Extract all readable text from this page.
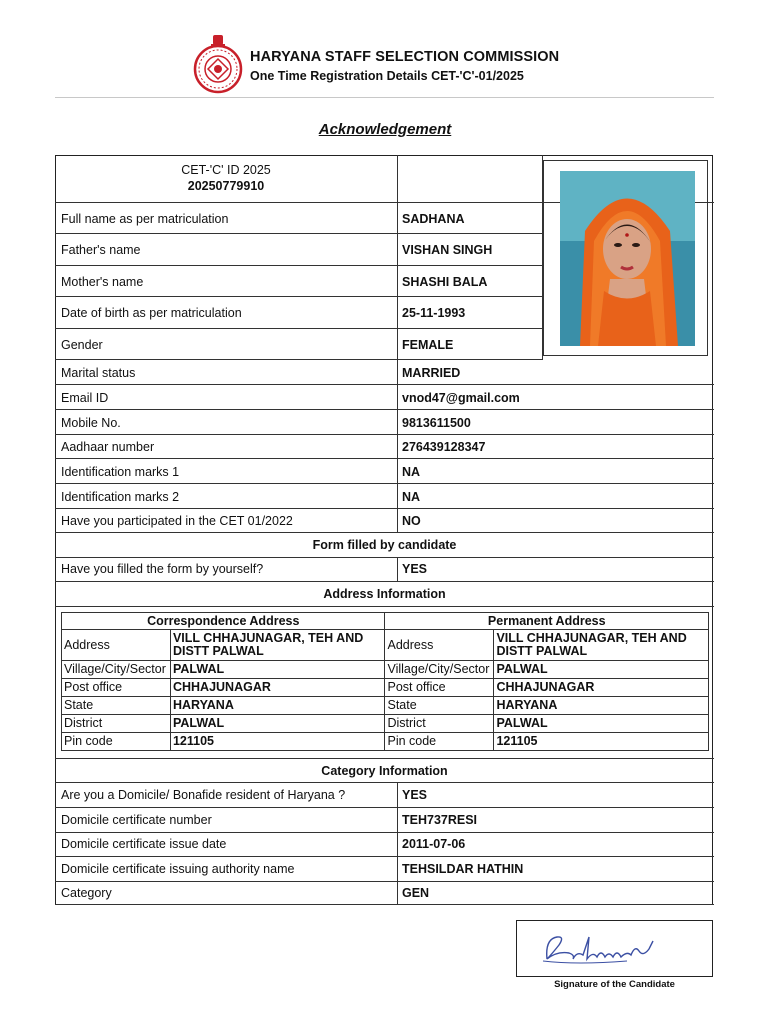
HARYANA STAFF SELECTION COMMISSION
One Time Registration Details CET-'C'-01/2025
Acknowledgement
CET-'C' ID 2025
20250779910
Full name as per matriculation	SADHANA
Father's name	VISHAN SINGH
Mother's name	SHASHI BALA
Date of birth as per matriculation	25-11-1993
Gender	FEMALE
Marital status	MARRIED
Email ID	vnod47@gmail.com
Mobile No.	9813611500
Aadhaar number	276439128347
Identification marks 1	NA
Identification marks 2	NA
Have you participated in the CET 01/2022	NO
Form filled by candidate
Have you filled the form by yourself?	YES
Address Information
Correspondence Address		Permanent Address	
Address	VILL CHHAJUNAGAR, TEH AND DISTT PALWAL	Address	VILL CHHAJUNAGAR, TEH AND DISTT PALWAL
Village/City/Sector	PALWAL	Village/City/Sector	PALWAL
Post office	CHHAJUNAGAR	Post office	CHHAJUNAGAR
State	HARYANA	State	HARYANA
District	PALWAL	District	PALWAL
Pin code	121105	Pin code	121105
Category Information
Are you a Domicile/ Bonafide resident of Haryana ?	YES
Domicile certificate number	TEH737RESI
Domicile certificate issue date	2011-07-06
Domicile certificate issuing authority name	TEHSILDAR HATHIN
Category	GEN
Signature of the Candidate
